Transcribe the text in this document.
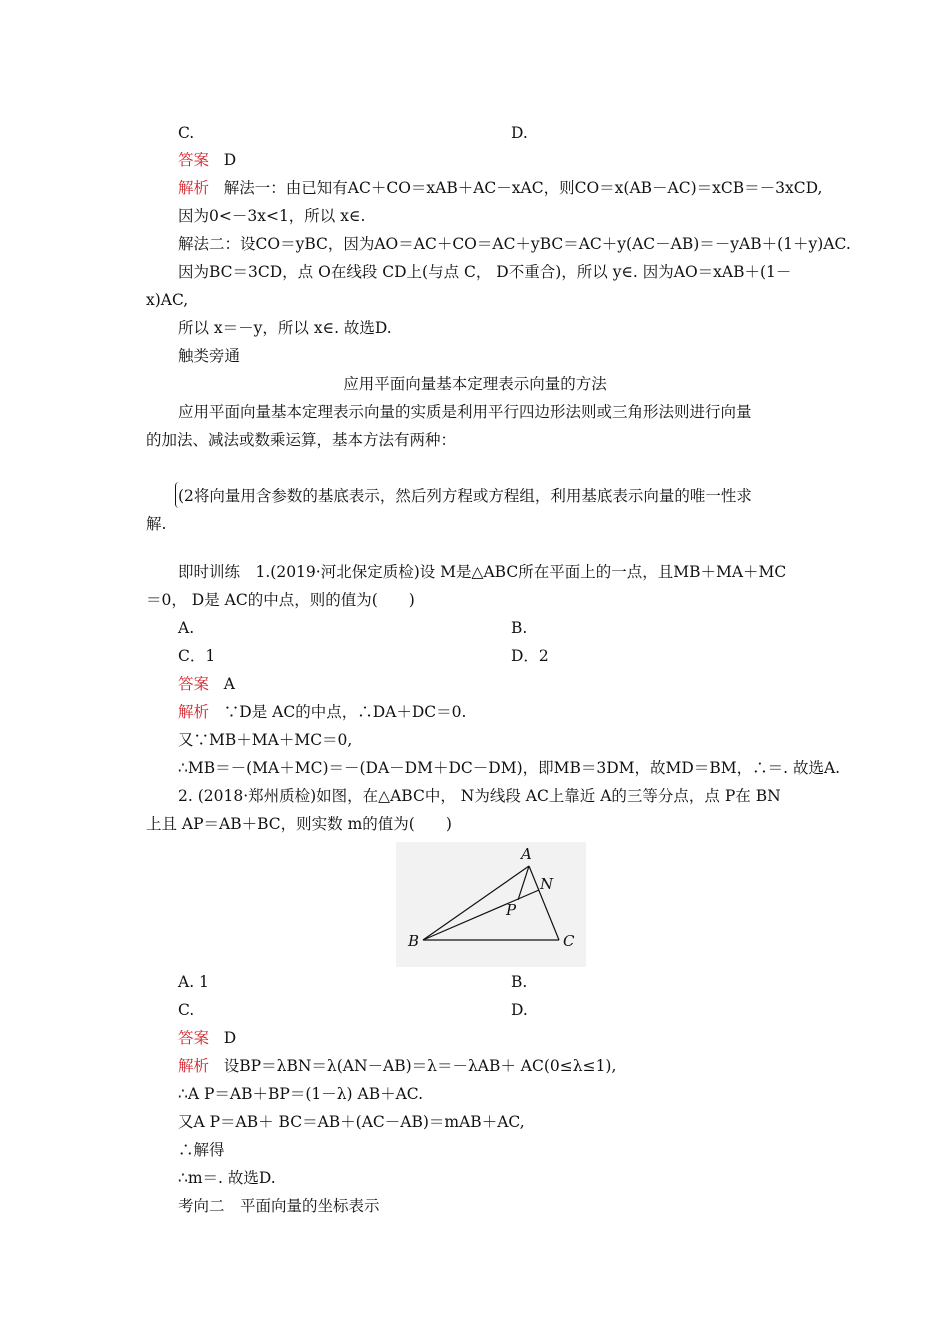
C.	D.
答案 D
解析 解法一：由已知有AC＋CO＝xAB＋AC－xAC，则CO＝x(AB－AC)＝xCB＝－3xCD,
因为0<－3x<1，所以 x∈.
解法二：设CO＝yBC，因为AO＝AC＋CO＝AC＋yBC＝AC＋y(AC－AB)＝－yAB＋(1＋y)AC.
因为BC＝3CD，点 O在线段 CD上(与点 C， D不重合)，所以 y∈. 因为AO＝xAB＋(1－
x)AC,
所以 x＝－y，所以 x∈. 故选D.
触类旁通
应用平面向量基本定理表示向量的方法
应用平面向量基本定理表示向量的实质是利用平行四边形法则或三角形法则进行向量
的加法、减法或数乘运算，基本方法有两种：
(2将向量用含参数的基底表示，然后列方程或方程组，利用基底表示向量的唯一性求
解.
即时训练　1.(2019·河北保定质检)设 M是△ABC所在平面上的一点，且MB＋MA＋MC
＝0， D是 AC的中点，则的值为(　　)
A.	B.
C．1	D．2
答案 A
解析 ∵D是 AC的中点，∴DA＋DC＝0.
又∵MB＋MA＋MC＝0,
∴MB＝－(MA＋MC)＝－(DA－DM＋DC－DM)，即MB＝3DM，故MD＝BM，∴＝. 故选A.
2. (2018·郑州质检)如图，在△ABC中， N为线段 AC上靠近 A的三等分点，点 P在 BN
上且 AP＝AB＋BC，则实数 m的值为(　　)
A
N
P
B	C
A. 1	B.
C.	D.
答案 D
解析 设BP＝λBN＝λ(AN－AB)＝λ＝－λAB＋ AC(0≤λ≤1),
∴A P＝AB＋BP＝(1－λ) AB＋AC.
又A P＝AB＋ BC＝AB＋(AC－AB)＝mAB＋AC,
∴解得
∴m＝. 故选D.
考向二　平面向量的坐标表示
